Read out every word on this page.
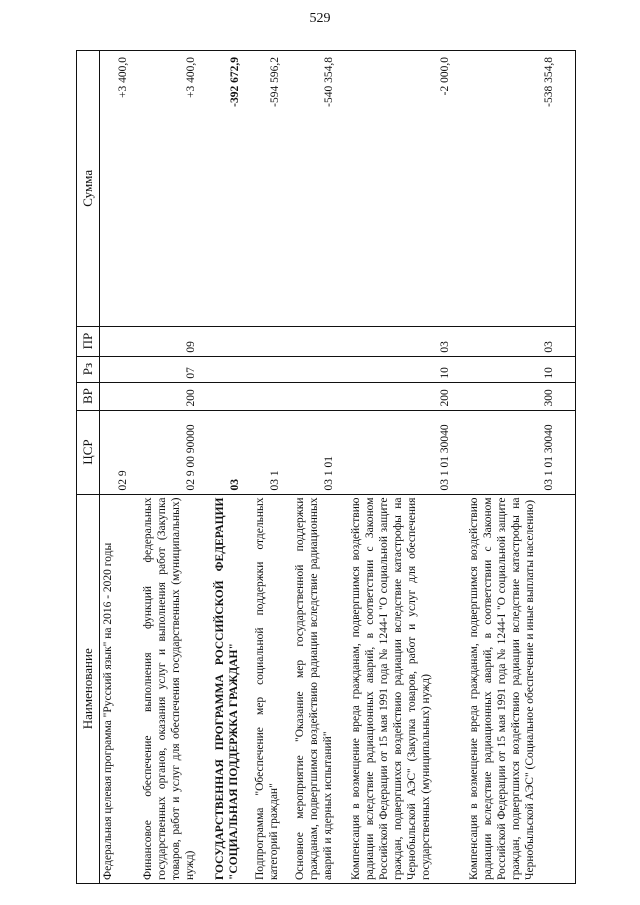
529
Наименование	ЦСР	ВР	Рз	ПР	Сумма
Федеральная целевая программа "Русский язык" на 2016 - 2020 годы	02 9				+3 400,0
Финансовое обеспечение выполнения функций федеральных государственных органов, оказания услуг и выполнения работ (Закупка товаров, работ и услуг для обеспечения государственных (муниципальных) нужд)	02 9 00 90000	200	07	09	+3 400,0
ГОСУДАРСТВЕННАЯ ПРОГРАММА РОССИЙСКОЙ ФЕДЕРАЦИИ "СОЦИАЛЬНАЯ ПОДДЕРЖКА ГРАЖДАН"	03				-392 672,9
Подпрограмма "Обеспечение мер социальной поддержки отдельных категорий граждан"	03 1				-594 596,2
Основное мероприятие "Оказание мер государственной поддержки гражданам, подвергшимся воздействию радиации вследствие радиационных аварий и ядерных испытаний"	03 1 01				-540 354,8
Компенсация в возмещение вреда гражданам, подвергшимся воздействию радиации вследствие радиационных аварий, в соответствии с Законом Российской Федерации от 15 мая 1991 года № 1244-I "О социальной защите граждан, подвергшихся воздействию радиации вследствие катастрофы на Чернобыльской АЭС" (Закупка товаров, работ и услуг для обеспечения государственных (муниципальных) нужд)	03 1 01 30040	200	10	03	-2 000,0
Компенсация в возмещение вреда гражданам, подвергшимся воздействию радиации вследствие радиационных аварий, в соответствии с Законом Российской Федерации от 15 мая 1991 года № 1244-I "О социальной защите граждан, подвергшихся воздействию радиации вследствие катастрофы на Чернобыльской АЭС" (Социальное обеспечение и иные выплаты населению)	03 1 01 30040	300	10	03	-538 354,8
